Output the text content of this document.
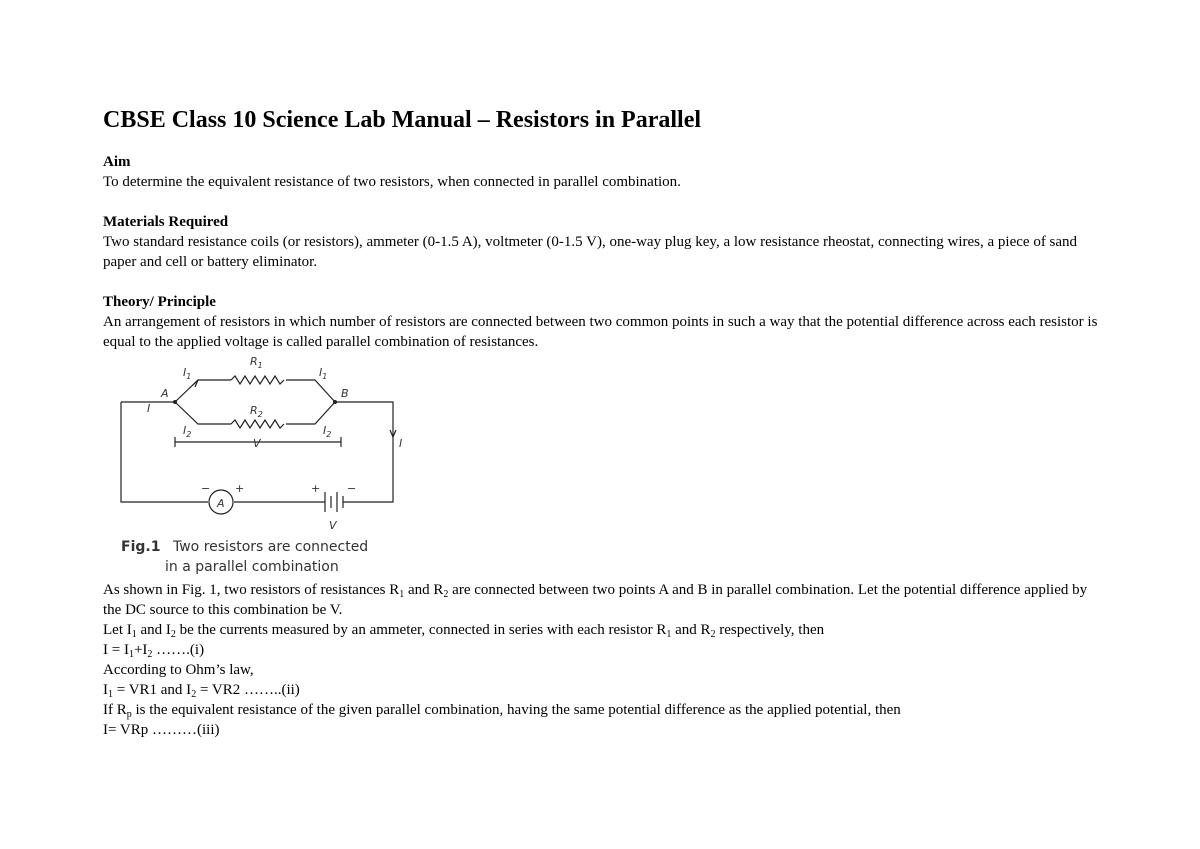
CBSE Class 10 Science Lab Manual – Resistors in Parallel
Aim

To determine the equivalent resistance of two resistors, when connected in parallel combination.

Materials Required

Two standard resistance coils (or resistors), ammeter (0-1.5 A), voltmeter (0-1.5 V), one-way plug key, a low resistance rheostat, connecting wires, a piece of sand paper and cell or battery eliminator.

Theory/ Principle

An arrangement of resistors in which number of resistors are connected between two common points in such a way that the potential difference across each resistor is equal to the applied voltage is called parallel combination of resistances.

$R_1$
$R_2$
$I_1$	$I_1$
$I_2$	$I_2$
A	B
I
I
V
V
A
+
−	+ −
Fig.1 Two resistors are connected
in a parallel combination

As shown in Fig. 1, two resistors of resistances $R_1$ and $R_2$ are connected between two points A and B in parallel combination. Let the potential difference applied by the DC source to this combination be V.

Let $I_1$ and $I_2$ be the currents measured by an ammeter, connected in series with each resistor $R_1$ and $R_2$ respectively, then

$I = I_1+I_2$ …….(i)

According to Ohm’s law,

$I_1 = VR1$ and $I_2 = VR2$ ……..(ii)

If $R_p$ is the equivalent resistance of the given parallel combination, having the same potential difference as the applied potential, then

I= VRp ………(iii)
